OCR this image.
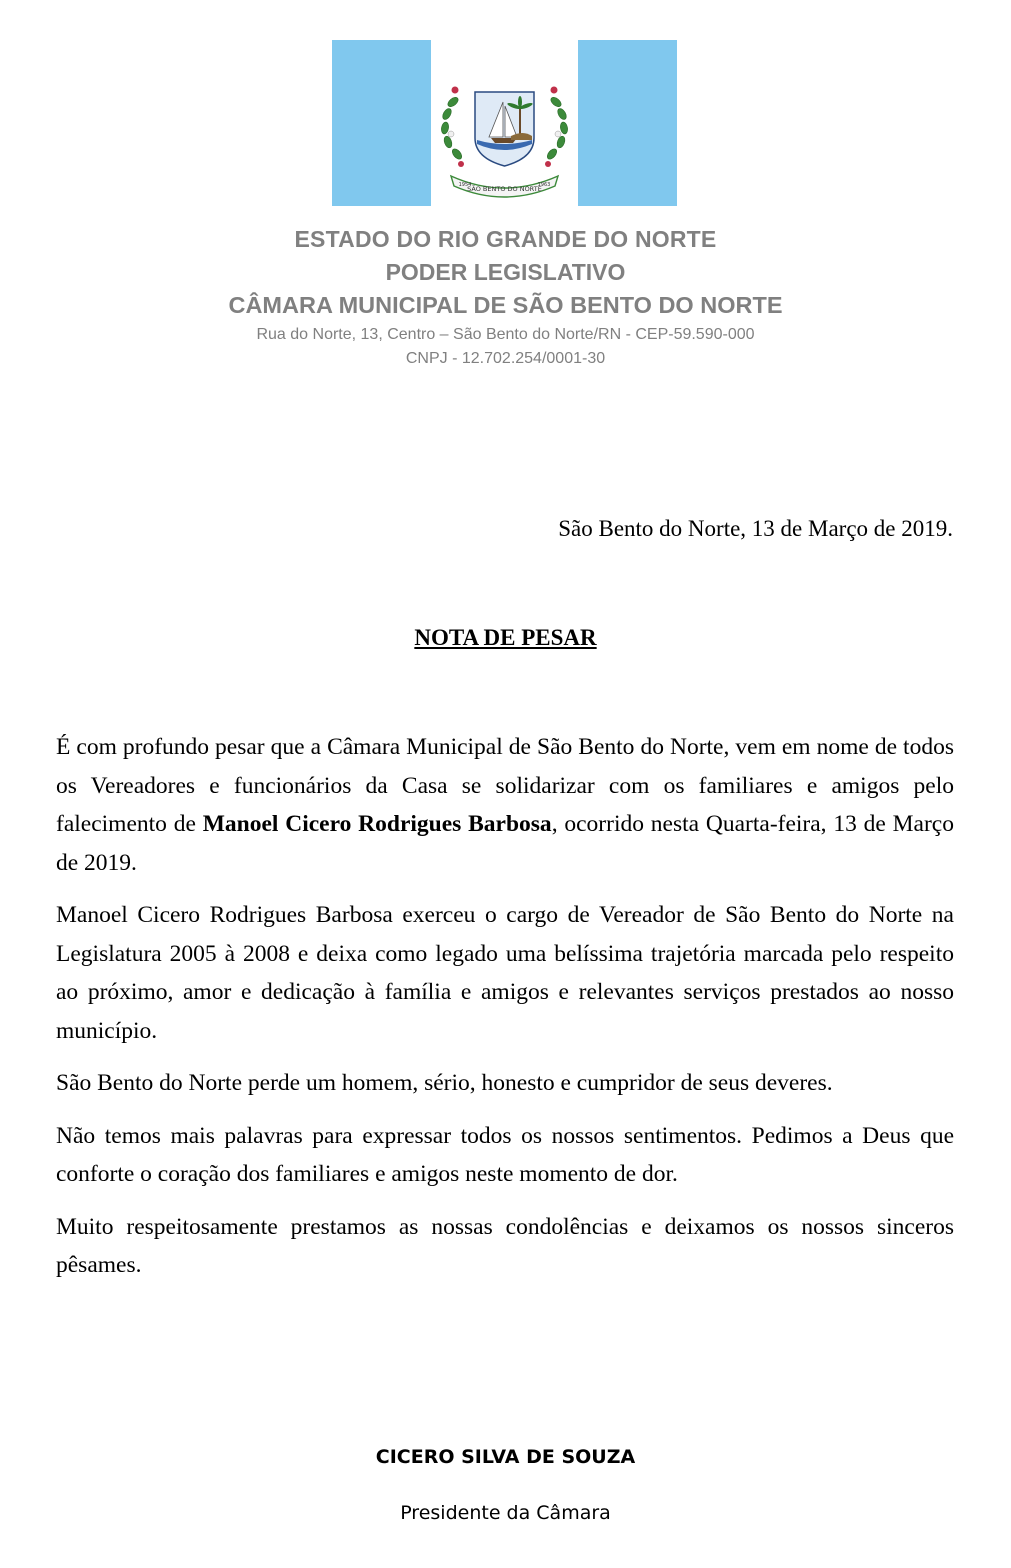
SÃO BENTO DO NORTE
1954	1963
ESTADO DO RIO GRANDE DO NORTE
PODER LEGISLATIVO
CÂMARA MUNICIPAL DE SÃO BENTO DO NORTE
Rua do Norte, 13, Centro – São Bento do Norte/RN - CEP-59.590-000
CNPJ - 12.702.254/0001-30
São Bento do Norte, 13 de Março de 2019.
NOTA DE PESAR

É com profundo pesar que a Câmara Municipal de São Bento do Norte, vem em nome de todos os Vereadores e funcionários da Casa se solidarizar com os familiares e amigos pelo falecimento de Manoel Cicero Rodrigues Barbosa, ocorrido nesta Quarta-feira, 13 de Março de 2019.

Manoel Cicero Rodrigues Barbosa exerceu o cargo de Vereador de São Bento do Norte na Legislatura 2005 à 2008 e deixa como legado uma belíssima trajetória marcada pelo respeito ao próximo, amor e dedicação à família e amigos e relevantes serviços prestados ao nosso município.

São Bento do Norte perde um homem, sério, honesto e cumpridor de seus deveres.

Não temos mais palavras para expressar todos os nossos sentimentos. Pedimos a Deus que conforte o coração dos familiares e amigos neste momento de dor.

Muito respeitosamente prestamos as nossas condolências e deixamos os nossos sinceros pêsames.

CICERO SILVA DE SOUZA
Presidente da Câmara
